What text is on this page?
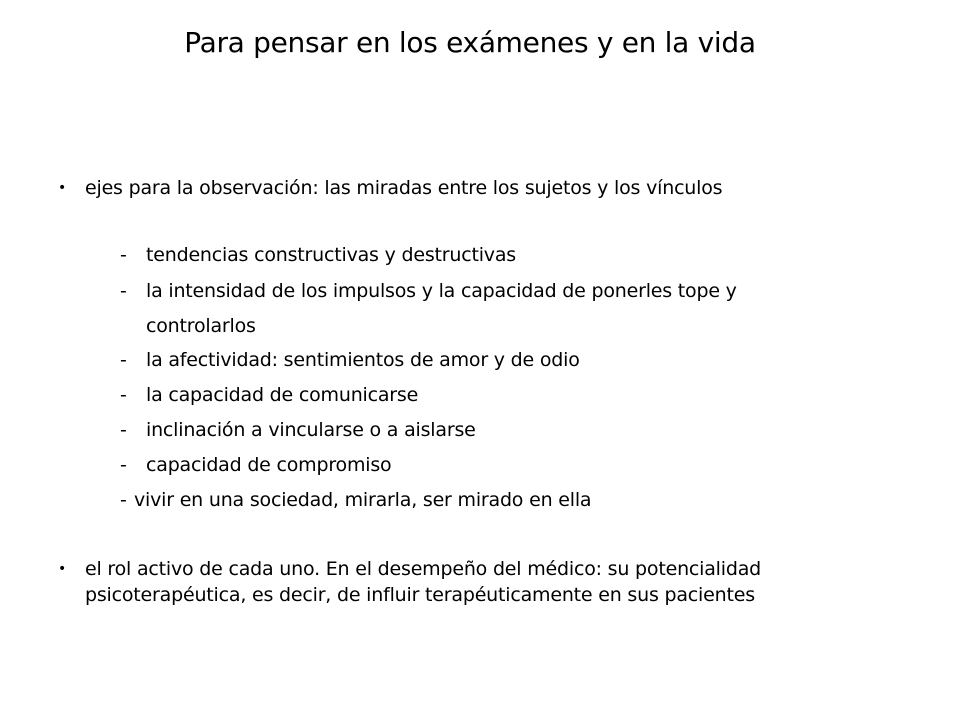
Para pensar en los exámenes y en la vida
• ejes para la observación: las miradas entre los sujetos y los vínculos
- tendencias constructivas y destructivas
- la intensidad de los impulsos y la capacidad de ponerles tope y
controlarlos
- la afectividad: sentimientos de amor y de odio
- la capacidad de comunicarse
- inclinación a vincularse o a aislarse
- capacidad de compromiso
- vivir en una sociedad, mirarla, ser mirado en ella
• el rol activo de cada uno. En el desempeño del médico: su potencialidad
psicoterapéutica, es decir, de influir terapéuticamente en sus pacientes
